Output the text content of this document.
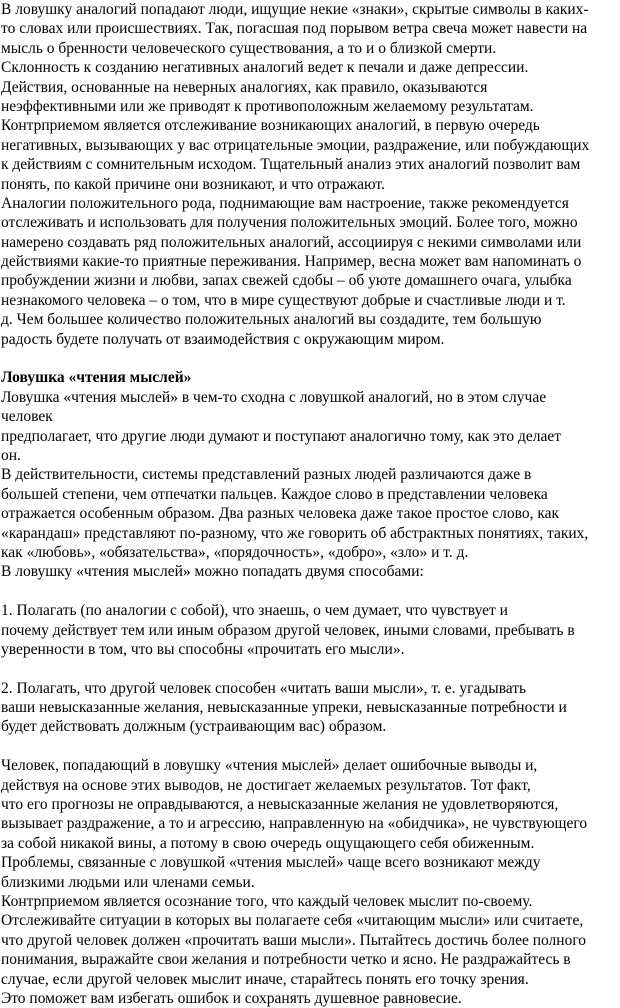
В ловушку аналогий попадают люди, ищущие некие «знаки», скрытые символы в каких-
то словах или происшествиях. Так, погасшая под порывом ветра свеча может навести на
мысль о бренности человеческого существования, а то и о близкой смерти.
Склонность к созданию негативных аналогий ведет к печали и даже депрессии.
Действия, основанные на неверных аналогиях, как правило, оказываются
неэффективными или же приводят к противоположным желаемому результатам.
Контрприемом является отслеживание возникающих аналогий, в первую очередь
негативных, вызывающих у вас отрицательные эмоции, раздражение, или побуждающих
к действиям с сомнительным исходом. Тщательный анализ этих аналогий позволит вам
понять, по какой причине они возникают, и что отражают.
Аналогии положительного рода, поднимающие вам настроение, также рекомендуется
отслеживать и использовать для получения положительных эмоций. Более того, можно
намерено создавать ряд положительных аналогий, ассоциируя с некими символами или
действиями какие-то приятные переживания. Например, весна может вам напоминать о
пробуждении жизни и любви, запах свежей сдобы – об уюте домашнего очага, улыбка
незнакомого человека – о том, что в мире существуют добрые и счастливые люди и т.
д. Чем большее количество положительных аналогий вы создадите, тем большую
радость будете получать от взаимодействия с окружающим миром.
Ловушка «чтения мыслей»
Ловушка «чтения мыслей» в чем-то сходна с ловушкой аналогий, но в этом случае
человек
предполагает, что другие люди думают и поступают аналогично тому, как это делает
он.
В действительности, системы представлений разных людей различаются даже в
большей степени, чем отпечатки пальцев. Каждое слово в представлении человека
отражается особенным образом. Два разных человека даже такое простое слово, как
«карандаш» представляют по-разному, что же говорить об абстрактных понятиях, таких,
как «любовь», «обязательства», «порядочность», «добро», «зло» и т. д.
В ловушку «чтения мыслей» можно попадать двумя способами:
1. Полагать (по аналогии с собой), что знаешь, о чем думает, что чувствует и
почему действует тем или иным образом другой человек, иными словами, пребывать в
уверенности в том, что вы способны «прочитать его мысли».
2. Полагать, что другой человек способен «читать ваши мысли», т. е. угадывать
ваши невысказанные желания, невысказанные упреки, невысказанные потребности и
будет действовать должным (устраивающим вас) образом.
Человек, попадающий в ловушку «чтения мыслей» делает ошибочные выводы и,
действуя на основе этих выводов, не достигает желаемых результатов. Тот факт,
что его прогнозы не оправдываются, а невысказанные желания не удовлетворяются,
вызывает раздражение, а то и агрессию, направленную на «обидчика», не чувствующего
за собой никакой вины, а потому в свою очередь ощущающего себя обиженным.
Проблемы, связанные с ловушкой «чтения мыслей» чаще всего возникают между
близкими людьми или членами семьи.
Контрприемом является осознание того, что каждый человек мыслит по-своему.
Отслеживайте ситуации в которых вы полагаете себя «читающим мысли» или считаете,
что другой человек должен «прочитать ваши мысли». Пытайтесь достичь более полного
понимания, выражайте свои желания и потребности четко и ясно. Не раздражайтесь в
случае, если другой человек мыслит иначе, старайтесь понять его точку зрения.
Это поможет вам избегать ошибок и сохранять душевное равновесие.
